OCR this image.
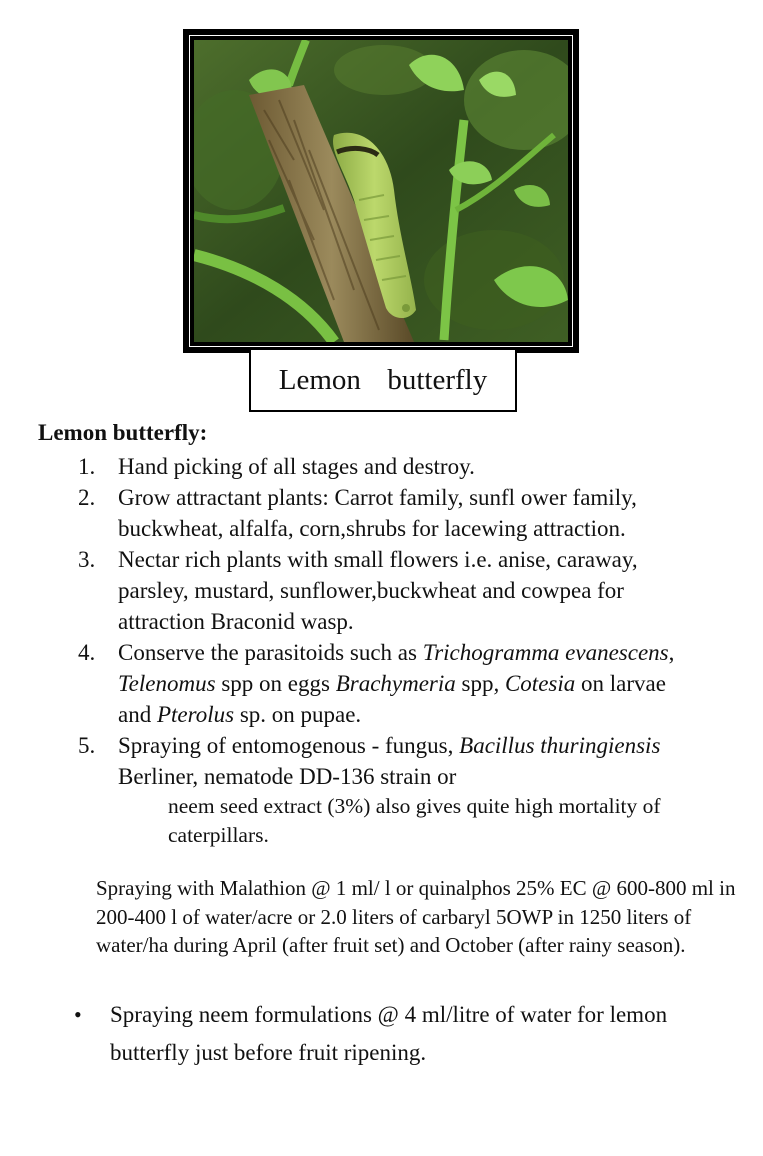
Lemon  butterfly
Lemon butterfly:
1. Hand picking of all stages and destroy.
2. Grow attractant plants: Carrot family, sunfl ower family, buckwheat, alfalfa, corn,shrubs for lacewing attraction.
3. Nectar rich plants with small flowers i.e. anise, caraway, parsley, mustard, sunflower,buckwheat and cowpea for attraction Braconid wasp.
4. Conserve the parasitoids such as Trichogramma evanescens, Telenomus spp on eggs Brachymeria spp, Cotesia on larvae and Pterolus sp. on pupae.
5. Spraying of entomogenous - fungus, Bacillus thuringiensis Berliner, nematode DD-136 strain or
neem seed extract (3%) also gives quite high mortality of caterpillars.

Spraying with Malathion @ 1 ml/ l or quinalphos 25% EC @ 600-800 ml in 200-400 l of water/acre or 2.0 liters of carbaryl 5OWP in 1250 liters of water/ha during April (after fruit set) and October (after rainy season).

• Spraying neem formulations @ 4 ml/litre of water for lemon butterfly just before fruit ripening.
